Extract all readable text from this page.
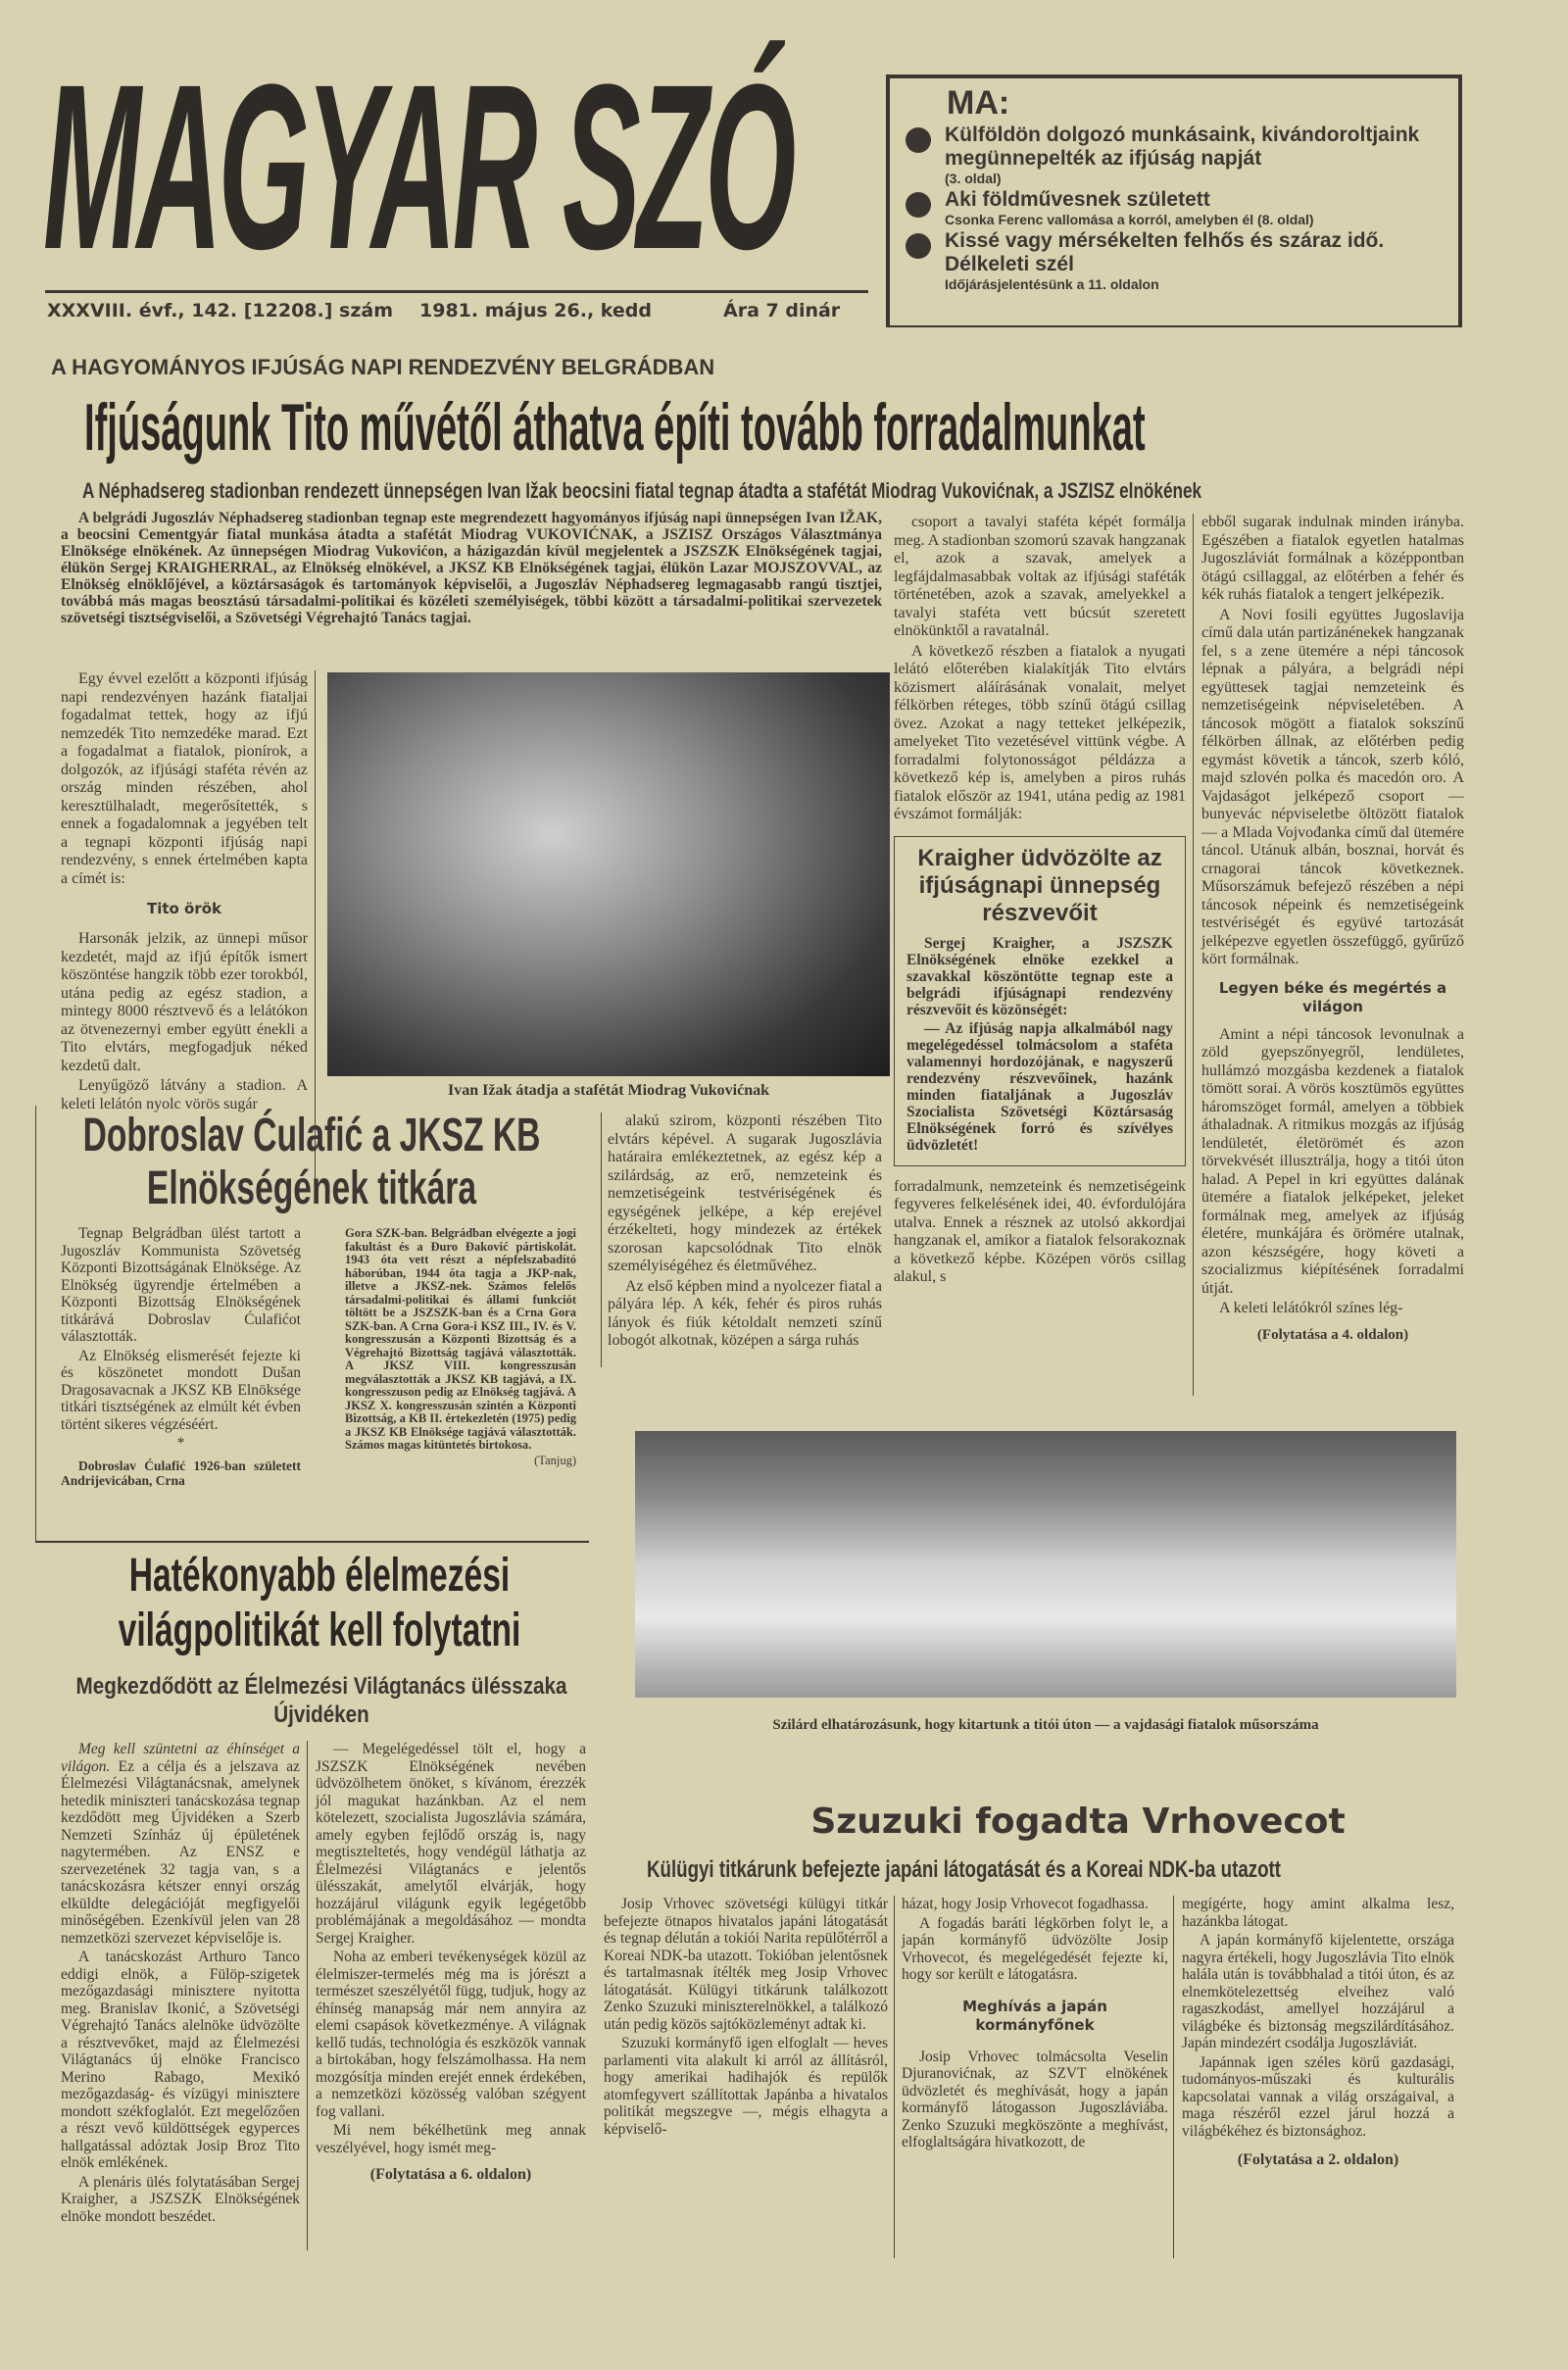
MAGYAR SZÓ
XXXVIII. évf., 142. [12208.] szám 1981. május 26., kedd	Ára 7 dinár
MA:
Külföldön dolgozó munkásaink, kivándoroltjaink megünnepelték az ifjúság napját
(3. oldal)
Aki földművesnek született
Csonka Ferenc vallomása a korról, amelyben él (8. oldal)
Kissé vagy mérsékelten felhős és száraz idő. Délkeleti szél
Időjárásjelentésünk a 11. oldalon
A HAGYOMÁNYOS IFJÚSÁG NAPI RENDEZVÉNY BELGRÁDBAN
Ifjúságunk Tito művétől áthatva építi tovább forradalmunkat
A Néphadsereg stadionban rendezett ünnepségen Ivan Ižak beocsini fiatal tegnap átadta a stafétát Miodrag Vukovićnak, a JSZISZ elnökének

A belgrádi Jugoszláv Néphadsereg stadionban tegnap este megrendezett hagyományos ifjúság napi ünnepségen Ivan IŽAK, a beocsini Cementgyár fiatal munkása átadta a stafétát Miodrag VUKOVIĆNAK, a JSZISZ Országos Választmánya Elnöksége elnökének. Az ünnepségen Miodrag Vukovićon, a házigazdán kívül megjelentek a JSZSZK Elnökségének tagjai, élükön Sergej KRAIGHERRAL, az Elnökség elnökével, a JKSZ KB Elnökségének tagjai, élükön Lazar MOJSZOVVAL, az Elnökség elnöklőjével, a köztársaságok és tartományok képviselői, a Jugoszláv Néphadsereg legmagasabb rangú tisztjei, továbbá más magas beosztású társadalmi-politikai és közéleti személyiségek, többi között a társadalmi-politikai szervezetek szövetségi tisztségviselői, a Szövetségi Végrehajtó Tanács tagjai.

Egy évvel ezelőtt a központi ifjúság napi rendezvényen hazánk fiataljai fogadalmat tettek, hogy az ifjú nemzedék Tito nemzedéke marad. Ezt a fogadalmat a fiatalok, pionírok, a dolgozók, az ifjúsági staféta révén az ország minden részében, ahol keresztülhaladt, megerősítették, s ennek a fogadalomnak a jegyében telt a tegnapi központi ifjúság napi rendezvény, s ennek értelmében kapta a címét is:

Tito örök

Harsonák jelzik, az ünnepi műsor kezdetét, majd az ifjú építők ismert köszöntése hangzik több ezer torokból, utána pedig az egész stadion, a mintegy 8000 résztvevő és a lelátókon az ötvenezernyi ember együtt énekli a Tito elvtárs, megfogadjuk néked kezdetű dalt.

Lenyűgöző látvány a stadion. A keleti lelátón nyolc vörös sugár

Ivan Ižak átadja a stafétát Miodrag Vukovićnak

alakú szirom, központi részében Tito elvtárs képével. A sugarak Jugoszlávia határaira emlékeztetnek, az egész kép a szilárdság, az erő, nemzeteink és nemzetiségeink testvériségének és egységének jelképe, a kép erejével érzékelteti, hogy mindezek az értékek szorosan kapcsolódnak Tito elnök személyiségéhez és életművéhez.

Az első képben mind a nyolcezer fiatal a pályára lép. A kék, fehér és piros ruhás lányok és fiúk kétoldalt nemzeti színű lobogót alkotnak, középen a sárga ruhás

csoport a tavalyi staféta képét formálja meg. A stadionban szomorú szavak hangzanak el, azok a szavak, amelyek a legfájdalmasabbak voltak az ifjúsági staféták történetében, azok a szavak, amelyekkel a tavalyi staféta vett búcsút szeretett elnökünktől a ravatalnál.

A következő részben a fiatalok a nyugati lelátó előterében kialakítják Tito elvtárs közismert aláírásának vonalait, melyet félkörben réteges, több színű ötágú csillag övez. Azokat a nagy tetteket jelképezik, amelyeket Tito vezetésével vittünk végbe. A forradalmi folytonosságot példázza a következő kép is, amelyben a piros ruhás fiatalok először az 1941, utána pedig az 1981 évszámot formálják:

Kraigher üdvözölte az ifjúságnapi ünnepség részvevőit

Sergej Kraigher, a JSZSZK Elnökségének elnöke ezekkel a szavakkal köszöntötte tegnap este a belgrádi ifjúságnapi rendezvény részvevőit és közönségét:

— Az ifjúság napja alkalmából nagy megelégedéssel tolmácsolom a staféta valamennyi hordozójának, e nagyszerű rendezvény részvevőinek, hazánk minden fiataljának a Jugoszláv Szocialista Szövetségi Köztársaság Elnökségének forró és szívélyes üdvözletét!

forradalmunk, nemzeteink és nemzetiségeink fegyveres felkelésének idei, 40. évfordulójára utalva. Ennek a résznek az utolsó akkordjai hangzanak el, amikor a fiatalok felsorakoznak a következő képbe. Középen vörös csillag alakul, s

ebből sugarak indulnak minden irányba. Egészében a fiatalok egyetlen hatalmas Jugoszláviát formálnak a középpontban ötágú csillaggal, az előtérben a fehér és kék ruhás fiatalok a tengert jelképezik.

A Novi fosili együttes Jugoslavija című dala után partizánénekek hangzanak fel, s a zene ütemére a népi táncosok lépnak a pályára, a belgrádi népi együttesek tagjai nemzeteink és nemzetiségeink népviseletében. A táncosok mögött a fiatalok sokszínű félkörben állnak, az előtérben pedig egymást követik a táncok, szerb kóló, majd szlovén polka és macedón oro. A Vajdaságot jelképező csoport — bunyevác népviseletbe öltözött fiatalok — a Mlada Vojvođanka című dal ütemére táncol. Utánuk albán, bosznai, horvát és crnagorai táncok következnek. Műsorszámuk befejező részében a népi táncosok népeink és nemzetiségeink testvériségét és együvé tartozását jelképezve egyetlen összefüggő, gyűrűző kört formálnak.

Legyen béke és megértés a világon

Amint a népi táncosok levonulnak a zöld gyepszőnyegről, lendületes, hullámzó mozgásba kezdenek a fiatalok tömött sorai. A vörös kosztümös együttes háromszöget formál, amelyen a többiek áthaladnak. A ritmikus mozgás az ifjúság lendületét, életörömét és azon törvekvését illusztrálja, hogy a titói úton halad. A Pepel in kri együttes dalának ütemére a fiatalok jelképeket, jeleket formálnak meg, amelyek az ifjúság életére, munkájára és örömére utalnak, azon készségére, hogy követi a szocializmus kiépítésének forradalmi útját.

A keleti lelátókról színes lég-

(Folytatása a 4. oldalon)
Szilárd elhatározásunk, hogy kitartunk a titói úton — a vajdasági fiatalok műsorszáma
Dobroslav Ćulafić a JKSZ KB Elnökségének titkára

Tegnap Belgrádban ülést tartott a Jugoszláv Kommunista Szövetség Központi Bizottságának Elnöksége. Az Elnökség ügyrendje értelmében a Központi Bizottság Elnökségének titkárává Dobroslav Ćulafićot választották.

Az Elnökség elismerését fejezte ki és köszönetet mondott Dušan Dragosavacnak a JKSZ KB Elnöksége titkári tisztségének az elmúlt két évben történt sikeres végzéséért.

*

Dobroslav Ćulafić 1926-ban született Andrijevicában, Crna

Gora SZK-ban. Belgrádban elvégezte a jogi fakultást és a Đuro Đaković pártiskolát. 1943 óta vett részt a népfelszabadító háborúban, 1944 óta tagja a JKP-nak, illetve a JKSZ-nek. Számos felelős társadalmi-politikai és állami funkciót töltött be a JSZSZK-ban és a Crna Gora SZK-ban. A Crna Gora-i KSZ III., IV. és V. kongresszusán a Központi Bizottság és a Végrehajtó Bizottság tagjává választották. A JKSZ VIII. kongresszusán megválasztották a JKSZ KB tagjává, a IX. kongresszuson pedig az Elnökség tagjává. A JKSZ X. kongresszusán szintén a Központi Bizottság, a KB II. értekezletén (1975) pedig a JKSZ KB Elnöksége tagjává választották. Számos magas kitüntetés birtokosa.

(Tanjug)
Hatékonyabb élelmezési világpolitikát kell folytatni
Megkezdődött az Élelmezési Világtanács ülésszaka Újvidéken

Meg kell szüntetni az éhínséget a világon. Ez a célja és a jelszava az Élelmezési Világtanácsnak, amelynek hetedik miniszteri tanácskozása tegnap kezdődött meg Újvidéken a Szerb Nemzeti Színház új épületének nagytermében. Az ENSZ e szervezetének 32 tagja van, s a tanácskozásra kétszer ennyi ország elküldte delegációját megfigyelői minőségében. Ezenkívül jelen van 28 nemzetközi szervezet képviselője is.

A tanácskozást Arthuro Tanco eddigi elnök, a Fülöp-szigetek mezőgazdasági minisztere nyitotta meg. Branislav Ikonić, a Szövetségi Végrehajtó Tanács alelnöke üdvözölte a résztvevőket, majd az Élelmezési Világtanács új elnöke Francisco Merino Rabago, Mexikó mezőgazdaság- és vízügyi minisztere mondott székfoglalót. Ezt megelőzően a részt vevő küldöttségek egyperces hallgatással adóztak Josip Broz Tito elnök emlékének.

A plenáris ülés folytatásában Sergej Kraigher, a JSZSZK Elnökségének elnöke mondott beszédet.

— Megelégedéssel tölt el, hogy a JSZSZK Elnökségének nevében üdvözölhetem önöket, s kívánom, érezzék jól magukat hazánkban. Az el nem kötelezett, szocialista Jugoszlávia számára, amely egyben fejlődő ország is, nagy megtiszteltetés, hogy vendégül láthatja az Élelmezési Világtanács e jelentős ülésszakát, amelytől elvárják, hogy hozzájárul világunk egyik legégetőbb problémájának a megoldásához — mondta Sergej Kraigher.

Noha az emberi tevékenységek közül az élelmiszer-termelés még ma is jórészt a természet szeszélyétől függ, tudjuk, hogy az éhínség manapság már nem annyira az elemi csapások következménye. A világnak kellő tudás, technológia és eszközök vannak a birtokában, hogy felszámolhassa. Ha nem mozgósítja minden erejét ennek érdekében, a nemzetközi közösség valóban szégyent fog vallani.

Mi nem békélhetünk meg annak veszélyével, hogy ismét meg-

(Folytatása a 6. oldalon)
Szuzuki fogadta Vrhovecot
Külügyi titkárunk befejezte japáni látogatását és a Koreai NDK-ba utazott

Josip Vrhovec szövetségi külügyi titkár befejezte ötnapos hivatalos japáni látogatását és tegnap délután a tokiói Narita repülőtérről a Koreai NDK-ba utazott. Tokióban jelentősnek és tartalmasnak ítélték meg Josip Vrhovec látogatását. Külügyi titkárunk találkozott Zenko Szuzuki miniszterelnökkel, a találkozó után pedig közös sajtóközleményt adtak ki.

Szuzuki kormányfő igen elfoglalt — heves parlamenti vita alakult ki arról az állításról, hogy amerikai hadihajók és repülők atomfegyvert szállítottak Japánba a hivatalos politikát megszegve —, mégis elhagyta a képviselő-

házat, hogy Josip Vrhovecot fogadhassa.

A fogadás baráti légkörben folyt le, a japán kormányfő üdvözölte Josip Vrhovecot, és megelégedését fejezte ki, hogy sor került e látogatásra.

Meghívás a japán kormányfőnek

Josip Vrhovec tolmácsolta Veselin Djuranovićnak, az SZVT elnökének üdvözletét és meghívását, hogy a japán kormányfő látogasson Jugoszláviába. Zenko Szuzuki megköszönte a meghívást, elfoglaltságára hivatkozott, de

megígérte, hogy amint alkalma lesz, hazánkba látogat.

A japán kormányfő kijelentette, országa nagyra értékeli, hogy Jugoszlávia Tito elnök halála után is továbbhalad a titói úton, és az elnemkötelezettség elveihez való ragaszkodást, amellyel hozzájárul a világbéke és biztonság megszilárdításához. Japán mindezért csodálja Jugoszláviát.

Japánnak igen széles körű gazdasági, tudományos-műszaki és kulturális kapcsolatai vannak a világ országaival, a maga részéről ezzel járul hozzá a világbékéhez és biztonsághoz.

(Folytatása a 2. oldalon)
